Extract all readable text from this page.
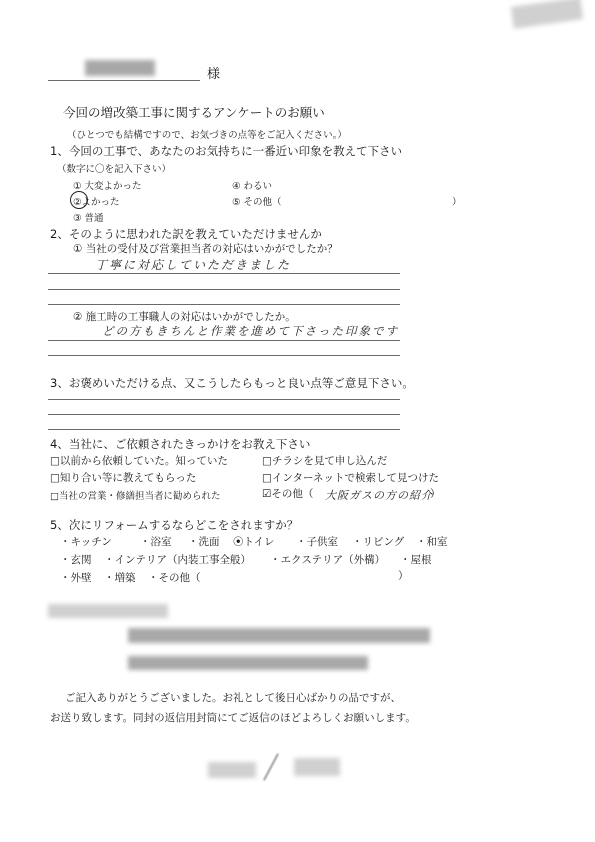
様
今回の増改築工事に関するアンケートのお願い
（ひとつでも結構ですので、お気づきの点等をご記入ください。）
1、今回の工事で、あなたのお気持ちに一番近い印象を教えて下さい
（数字に〇を記入下さい）
① 大変よかった	④ わるい
②よかった	⑤ その他（	）
③ 普通
2、そのように思われた訳を教えていただけませんか
① 当社の受付及び営業担当者の対応はいかがでしたか？
丁寧に対応していただきました
② 施工時の工事職人の対応はいかがでしたか。
どの方もきちんと作業を進めて下さった印象です
3、お褒めいただける点、又こうしたらもっと良い点等ご意見下さい。
4、当社に、ご依頼されたきっかけをお教え下さい
□以前から依頼していた。知っていた	□チラシを見て申し込んだ
□知り合い等に教えてもらった	□インターネットで検索して見つけた
□当社の営業・修繕担当者に勧められた	☑その他（ 大阪ガスの方の紹介
）
5、次にリフォームするならどこをされますか？
・キッチン	・浴室 ・洗面 ⦿トイレ ・子供室 ・リビング ・和室
・玄関 ・インテリア（内装工事全般） ・エクステリア（外構） ・屋根
・外壁 ・増築 ・その他（	）
ご記入ありがとうございました。お礼として後日心ばかりの品ですが、
お送り致します。同封の返信用封筒にてご返信のほどよろしくお願いします。
